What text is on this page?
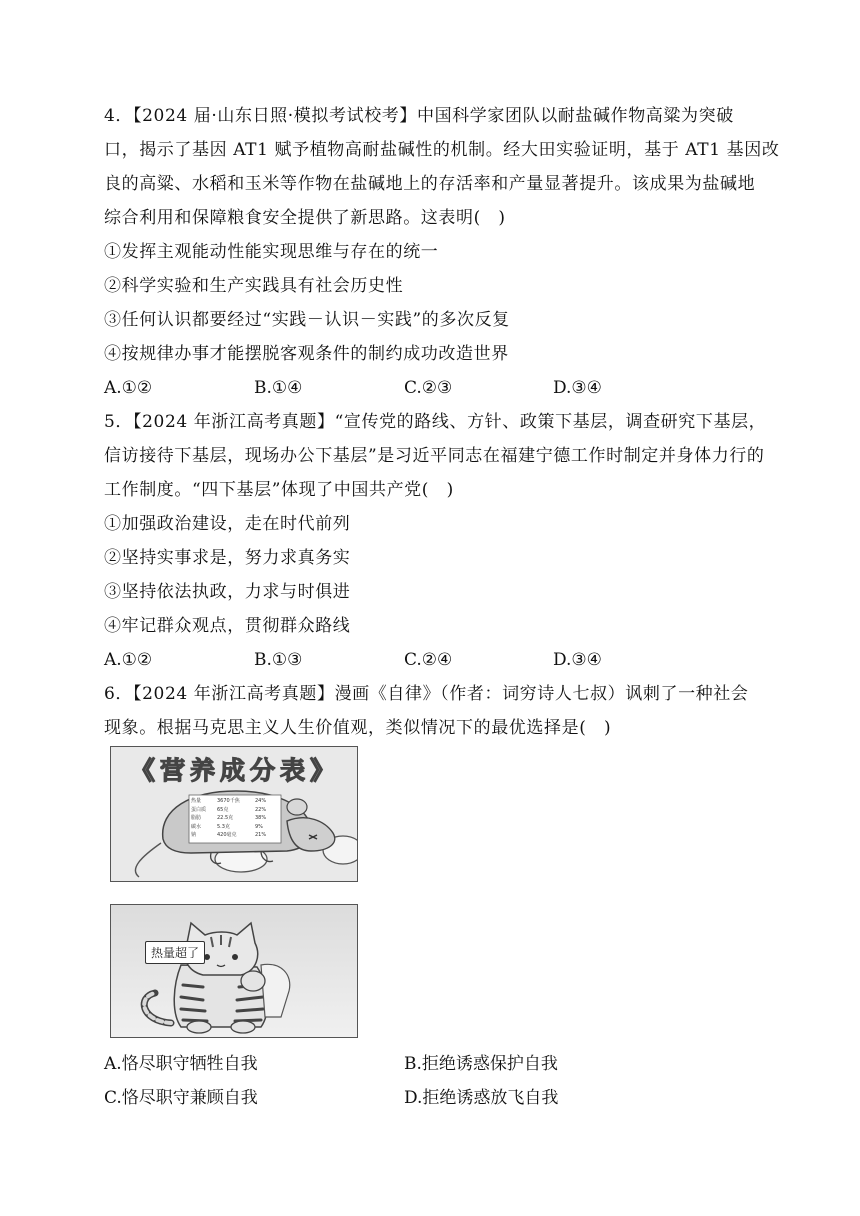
4．【2024 届·山东日照·模拟考试校考】中国科学家团队以耐盐碱作物高粱为突破
口，揭示了基因 AT1 赋予植物高耐盐碱性的机制。经大田实验证明，基于 AT1 基因改
良的高粱、水稻和玉米等作物在盐碱地上的存活率和产量显著提升。该成果为盐碱地
综合利用和保障粮食安全提供了新思路。这表明(　)
①发挥主观能动性能实现思维与存在的统一
②科学实验和生产实践具有社会历史性
③任何认识都要经过“实践－认识－实践”的多次反复
④按规律办事才能摆脱客观条件的制约成功改造世界
A.①②	B.①④	C.②③	D.③④
5．【2024 年浙江高考真题】“宣传党的路线、方针、政策下基层，调查研究下基层，
信访接待下基层，现场办公下基层”是习近平同志在福建宁德工作时制定并身体力行的
工作制度。“四下基层”体现了中国共产党(　)
①加强政治建设，走在时代前列
②坚持实事求是，努力求真务实
③坚持依法执政，力求与时俱进
④牢记群众观点，贯彻群众路线
A.①②	B.①③	C.②④	D.③④
6．【2024 年浙江高考真题】漫画《自律》（作者：词穷诗人七叔）讽刺了一种社会
现象。根据马克思主义人生价值观，类似情况下的最优选择是(　)
《营养成分表》
热量	3670千焦	24%
蛋白质	65克	22%
脂肪	22.5克	38%
碳水	5.3克	9%
钠	420毫克	21%
热量超了
A.恪尽职守牺牲自我	B.拒绝诱惑保护自我
C.恪尽职守兼顾自我	D.拒绝诱惑放飞自我
